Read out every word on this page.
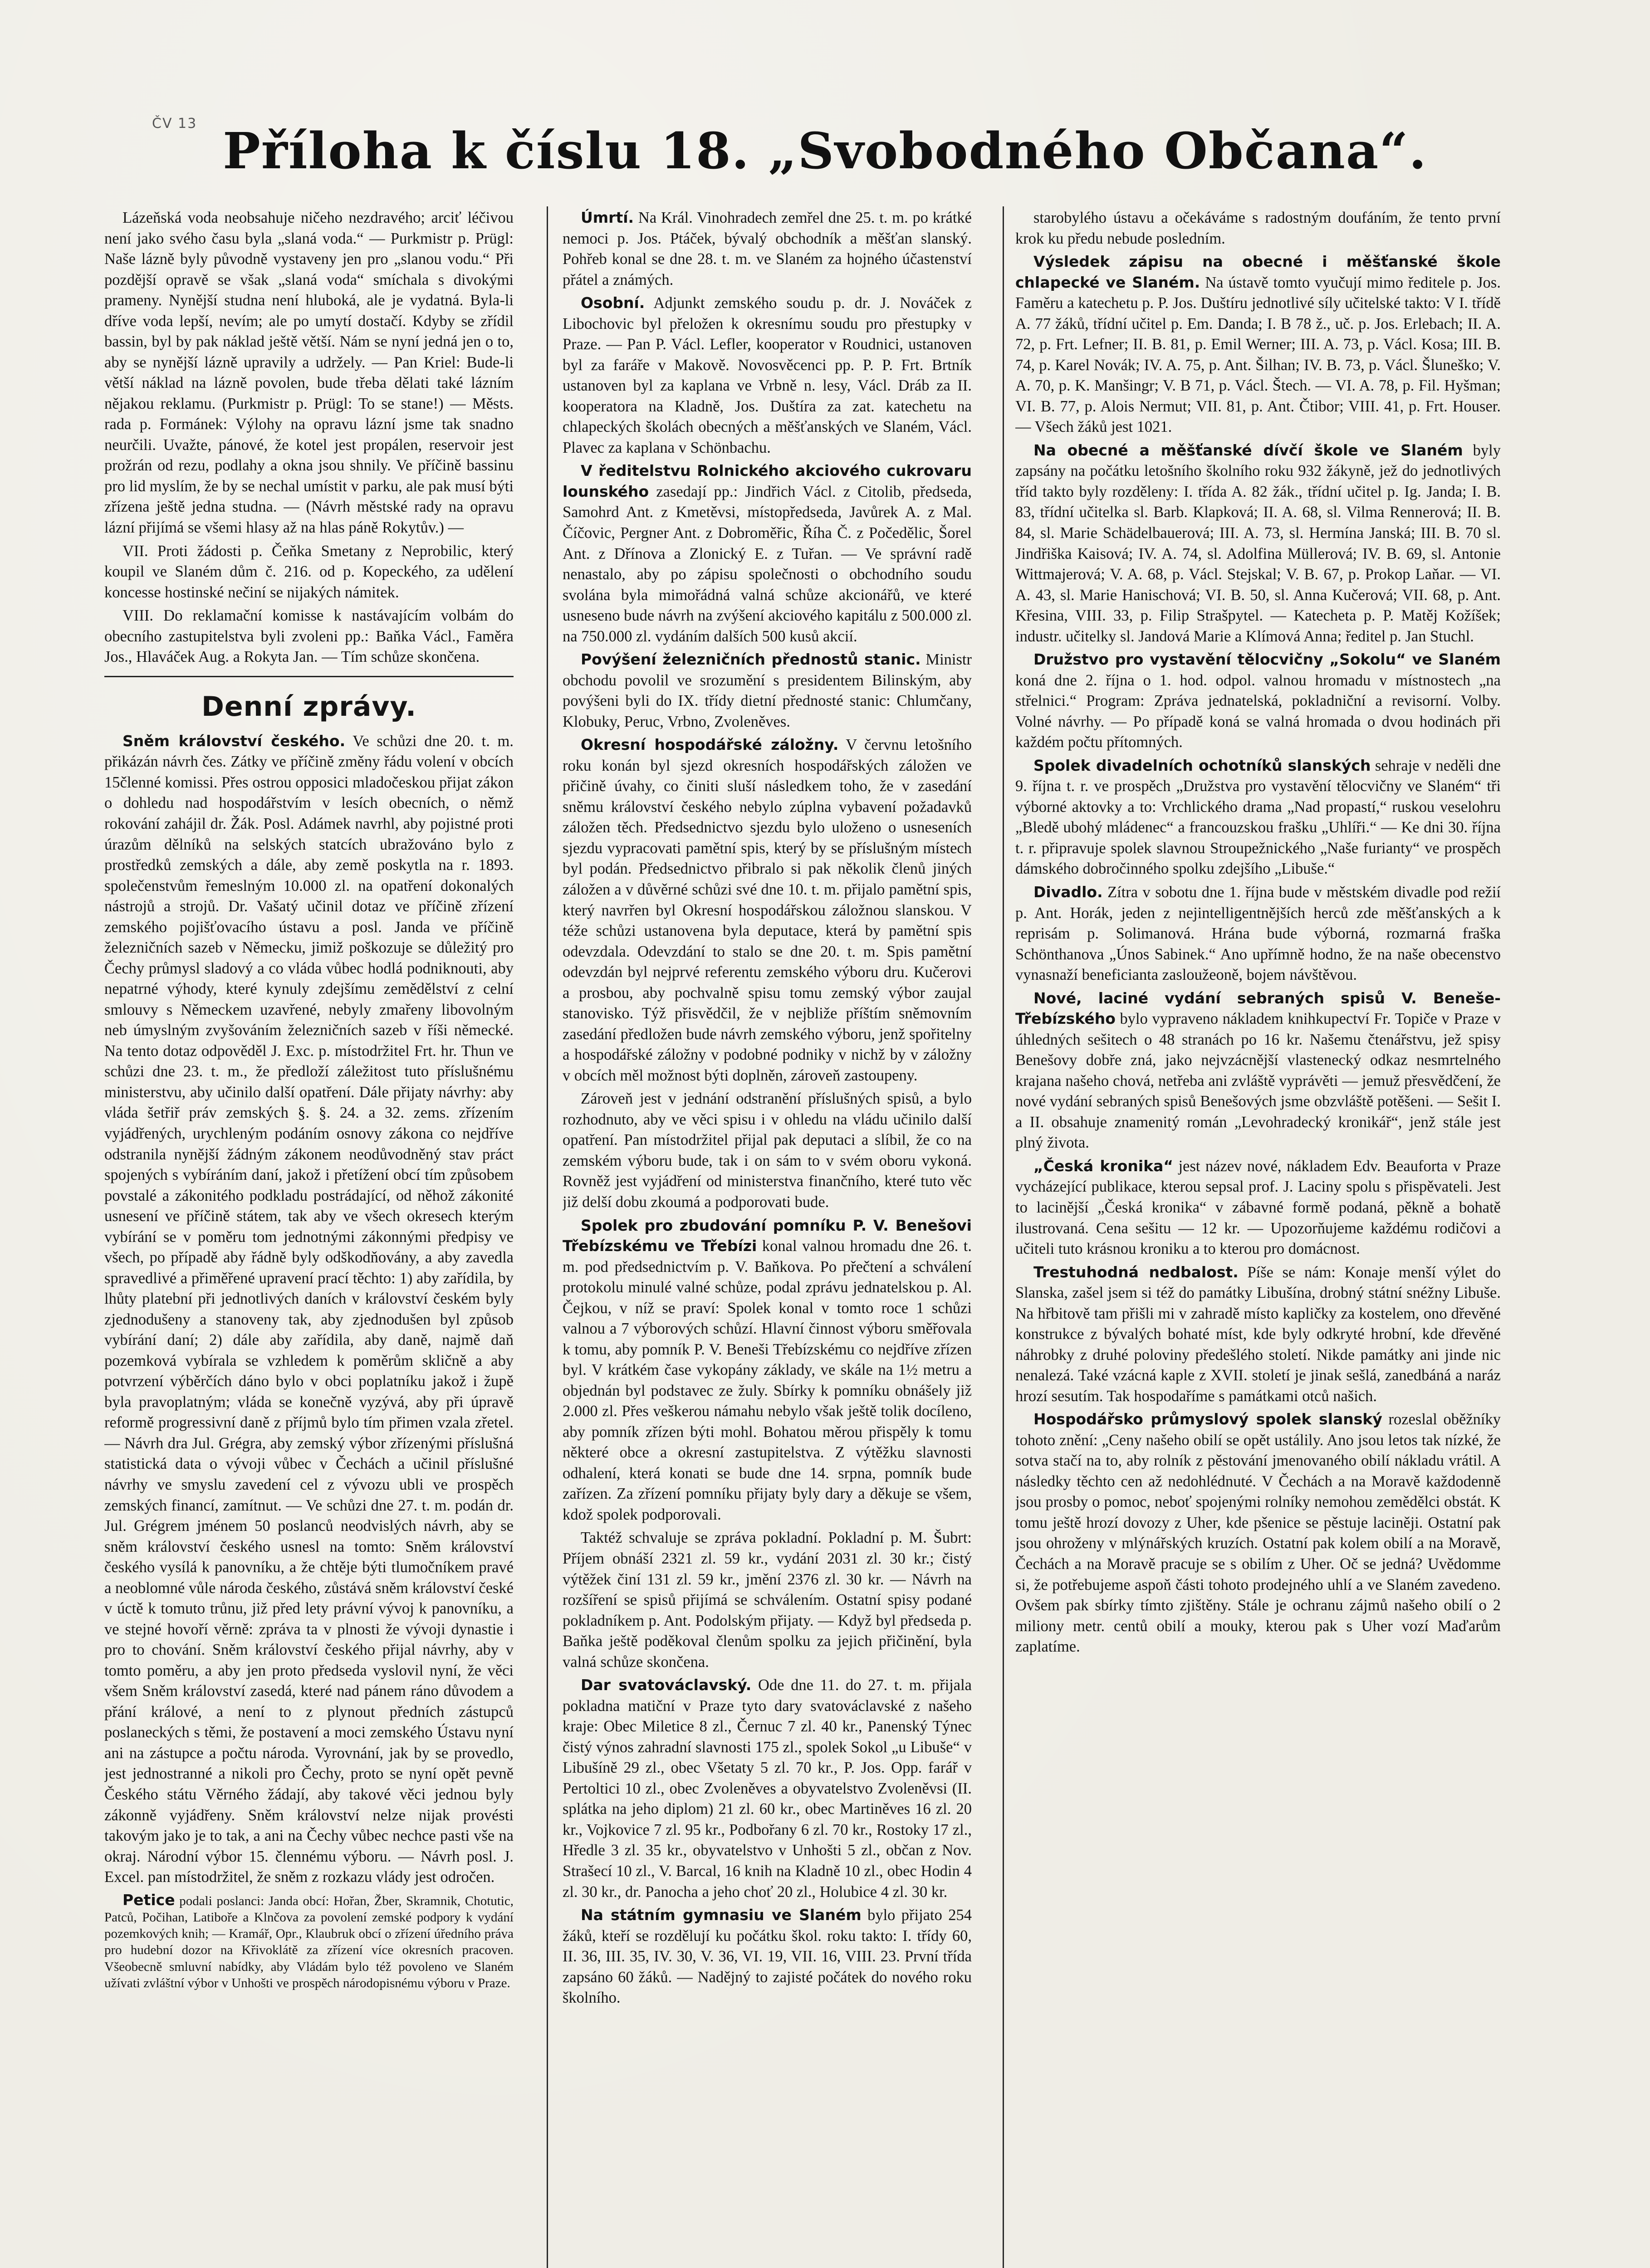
ČV 13 Příloha k číslu 18. „Svobodného Občana“.

Lázeňská voda neobsahuje ničeho nezdravého; arciť léčivou není jako svého času byla „slaná voda.“ — Purkmistr p. Prügl: Naše lázně byly původně vystaveny jen pro „slanou vodu.“ Při pozdější opravě se však „slaná voda“ smíchala s divokými prameny. Nynější studna není hluboká, ale je vydatná. Byla-li dříve voda lepší, nevím; ale po umytí dostačí. Kdyby se zřídil bassin, byl by pak náklad ještě větší. Nám se nyní jedná jen o to, aby se nynější lázně upravily a udržely. — Pan Kriel: Bude-li větší náklad na lázně povolen, bude třeba dělati také lázním nějakou reklamu. (Purkmistr p. Prügl: To se stane!) — Městs. rada p. Formánek: Výlohy na opravu lázní jsme tak snadno neurčili. Uvažte, pánové, že kotel jest propálen, reservoir jest prožrán od rezu, podlahy a okna jsou shnily. Ve příčině bassinu pro lid myslím, že by se nechal umístit v parku, ale pak musí býti zřízena ještě jedna studna. — (Návrh městské rady na opravu lázní přijímá se všemi hlasy až na hlas páně Rokytův.) —

VII. Proti žádosti p. Čeňka Smetany z Neprobilic, který koupil ve Slaném dům č. 216. od p. Kopeckého, za udělení koncesse hostinské nečiní se nijakých námitek.

VIII. Do reklamační komisse k nastávajícím volbám do obecního zastupitelstva byli zvoleni pp.: Baňka Václ., Faměra Jos., Hlaváček Aug. a Rokyta Jan. — Tím schůze skončena.

Denní zprávy.

Sněm království českého. Ve schůzi dne 20. t. m. přikázán návrh čes. Zátky ve příčině změny řádu volení v obcích 15členné komissi. Přes ostrou opposici mladočeskou přijat zákon o dohledu nad hospodářstvím v lesích obecních, o němž rokování zahájil dr. Žák. Posl. Adámek navrhl, aby pojistné proti úrazům dělníků na selských statcích ubražováno bylo z prostředků zemských a dále, aby země poskytla na r. 1893. společenstvům řemeslným 10.000 zl. na opatření dokonalých nástrojů a strojů. Dr. Vašatý učinil dotaz ve příčině zřízení zemského pojišťovacího ústavu a posl. Janda ve příčině železničních sazeb v Německu, jimiž poškozuje se důležitý pro Čechy průmysl sladový a co vláda vůbec hodlá podniknouti, aby nepatrné výhody, které kynuly zdejšímu zemědělství z celní smlouvy s Německem uzavřené, nebyly zmařeny libovolným neb úmyslným zvyšováním železničních sazeb v říši německé. Na tento dotaz odpověděl J. Exc. p. místodržitel Frt. hr. Thun ve schůzi dne 23. t. m., že předloží záležitost tuto příslušnému ministerstvu, aby učinilo další opatření. Dále přijaty návrhy: aby vláda šetřiř práv zemských §. §. 24. a 32. zems. zřízením vyjádřených, urychleným podáním osnovy zákona co nejdříve odstranila nynější žádným zákonem neodůvodněný stav práct spojených s vybíráním daní, jakož i přetížení obcí tím způsobem povstalé a zákonitého podkladu postrádající, od něhož zákonité usnesení ve příčině státem, tak aby ve všech okresech kterým vybírání se v poměru tom jednotnými zákonnými předpisy ve všech, po případě aby řádně byly odškodňovány, a aby zavedla spravedlivé a přiměřené upravení prací těchto: 1) aby zařídila, by lhůty platební při jednotlivých daních v království českém byly zjednodušeny a stanoveny tak, aby zjednodušen byl způsob vybírání daní; 2) dále aby zařídila, aby daně, najmě daň pozemková vybírala se vzhledem k poměrům skličně a aby potvrzení výběrčích dáno bylo v obci poplatníku jakož i župě byla pravoplatným; vláda se konečně vyzývá, aby při úpravě reformě progressivní daně z příjmů bylo tím přimen vzala zřetel. — Návrh dra Jul. Grégra, aby zemský výbor zřízenými příslušná statistická data o vývoji vůbec v Čechách a učinil příslušné návrhy ve smyslu zavedení cel z vývozu ubli ve prospěch zemských financí, zamítnut. — Ve schůzi dne 27. t. m. podán dr. Jul. Grégrem jménem 50 poslanců neodvislých návrh, aby se sněm království českého usnesl na tomto: Sněm království českého vysílá k panovníku, a že chtěje býti tlumočníkem pravé a neoblomné vůle národa českého, zůstává sněm království české v úctě k tomuto trůnu, již před lety právní vývoj k panovníku, a ve stejné hovoří věrně: zpráva ta v plnosti že vývoji dynastie i pro to chování. Sněm království českého přijal návrhy, aby v tomto poměru, a aby jen proto předseda vyslovil nyní, že věci všem Sněm království zasedá, které nad pánem ráno důvodem a přání králové, a není to z plynout předních zástupců poslaneckých s těmi, že postavení a moci zemského Ústavu nyní ani na zástupce a počtu národa. Vyrovnání, jak by se provedlo, jest jednostranné a nikoli pro Čechy, proto se nyní opět pevně Českého státu Věrného žádají, aby takové věci jednou byly zákonně vyjádřeny. Sněm království nelze nijak provésti takovým jako je to tak, a ani na Čechy vůbec nechce pasti vše na okraj. Národní výbor 15. člennému výboru. — Návrh posl. J. Excel. pan místodržitel, že sněm z rozkazu vlády jest odročen.

Petice podali poslanci: Janda obcí: Hořan, Žber, Skramnik, Chotutic, Patců, Počihan, Latiboře a Klnčova za povolení zemské podpory k vydání pozemkových knih; — Kramář, Opr., Klaubruk obcí o zřízení úředního práva pro hudební dozor na Křivoklátě za zřízení více okresních pracoven. Všeobecně smluvní nabídky, aby Vládám bylo též povoleno ve Slaném užívati zvláštní výbor v Unhošti ve prospěch národopisnému výboru v Praze.

Úmrtí. Na Král. Vinohradech zemřel dne 25. t. m. po krátké nemoci p. Jos. Ptáček, bývalý obchodník a měšťan slanský. Pohřeb konal se dne 28. t. m. ve Slaném za hojného účastenství přátel a známých.

Osobní. Adjunkt zemského soudu p. dr. J. Nováček z Libochovic byl přeložen k okresnímu soudu pro přestupky v Praze. — Pan P. Václ. Lefler, kooperator v Roudnici, ustanoven byl za faráře v Makově. Novosvěcenci pp. P. P. Frt. Brtník ustanoven byl za kaplana ve Vrbně n. lesy, Václ. Dráb za II. kooperatora na Kladně, Jos. Duštíra za zat. katechetu na chlapeckých školách obecných a měšťanských ve Slaném, Václ. Plavec za kaplana v Schönbachu.

V ředitelstvu Rolnického akciového cukrovaru lounského zasedají pp.: Jindřich Václ. z Citolib, předseda, Samohrd Ant. z Kmetěvsi, místopředseda, Javůrek A. z Mal. Číčovic, Pergner Ant. z Dobroměřic, Říha Č. z Počedělic, Šorel Ant. z Dřínova a Zlonický E. z Tuřan. — Ve správní radě nenastalo, aby po zápisu společnosti o obchodního soudu svolána byla mimořádná valná schůze akcionářů, ve které usneseno bude návrh na zvýšení akciového kapitálu z 500.000 zl. na 750.000 zl. vydáním dalších 500 kusů akcií.

Povýšení železničních přednostů stanic. Ministr obchodu povolil ve srozumění s presidentem Bilinským, aby povýšeni byli do IX. třídy dietní přednosté stanic: Chlumčany, Klobuky, Peruc, Vrbno, Zvoleněves.

Okresní hospodářské záložny. V červnu letošního roku konán byl sjezd okresních hospodářských záložen ve přičině úvahy, co činiti sluší následkem toho, že v zasedání sněmu království českého nebylo zúplna vybavení požadavků záložen těch. Předsednictvo sjezdu bylo uloženo o usneseních sjezdu vypracovati pamětní spis, který by se příslušným místech byl podán. Předsednictvo přibralo si pak několik členů jiných záložen a v důvěrné schůzi své dne 10. t. m. přijalo pamětní spis, který navrřen byl Okresní hospodářskou záložnou slanskou. V téže schůzi ustanovena byla deputace, která by pamětní spis odevzdala. Odevzdání to stalo se dne 20. t. m. Spis pamětní odevzdán byl nejprvé referentu zemského výboru dru. Kučerovi a prosbou, aby pochvalně spisu tomu zemský výbor zaujal stanovisko. Týž přisvědčil, že v nejbliže příštím sněmovním zasedání předložen bude návrh zemského výboru, jenž spořitelny a hospodářské záložny v podobné podniky v nichž by v záložny v obcích měl možnost býti doplněn, zároveň zastoupeny.

Zároveň jest v jednání odstranění příslušných spisů, a bylo rozhodnuto, aby ve věci spisu i v ohledu na vládu učinilo další opatření. Pan místodržitel přijal pak deputaci a slíbil, že co na zemském výboru bude, tak i on sám to v svém oboru vykoná. Rovněž jest vyjádření od ministerstva finančního, které tuto věc již delší dobu zkoumá a podporovati bude.

Spolek pro zbudování pomníku P. V. Benešovi Třebízskému ve Třebízi konal valnou hromadu dne 26. t. m. pod předsednictvím p. V. Baňkova. Po přečtení a schválení protokolu minulé valné schůze, podal zprávu jednatelskou p. Al. Čejkou, v níž se praví: Spolek konal v tomto roce 1 schůzi valnou a 7 výborových schůzí. Hlavní činnost výboru směřovala k tomu, aby pomník P. V. Beneši Třebízskému co nejdříve zřízen byl. V krátkém čase vykopány základy, ve skále na 1½ metru a objednán byl podstavec ze žuly. Sbírky k pomníku obnášely již 2.000 zl. Přes veškerou námahu nebylo však ještě tolik docíleno, aby pomník zřízen býti mohl. Bohatou měrou přispěly k tomu některé obce a okresní zastupitelstva. Z výtěžku slavnosti odhalení, která konati se bude dne 14. srpna, pomník bude zařízen. Za zřízení pomníku přijaty byly dary a děkuje se všem, kdož spolek podporovali.

Taktéž schvaluje se zpráva pokladní. Pokladní p. M. Šubrt: Příjem obnáší 2321 zl. 59 kr., vydání 2031 zl. 30 kr.; čistý výtěžek činí 131 zl. 59 kr., jmění 2376 zl. 30 kr. — Návrh na rozšíření se spisů přijímá se schválením. Ostatní spisy podané pokladníkem p. Ant. Podolským přijaty. — Když byl předseda p. Baňka ještě poděkoval členům spolku za jejich přičinění, byla valná schůze skončena.

Dar svatováclavský. Ode dne 11. do 27. t. m. přijala pokladna matiční v Praze tyto dary svatováclavské z našeho kraje: Obec Miletice 8 zl., Černuc 7 zl. 40 kr., Panenský Týnec čistý výnos zahradní slavnosti 175 zl., spolek Sokol „u Libuše“ v Libušíně 29 zl., obec Všetaty 5 zl. 70 kr., P. Jos. Opp. farář v Pertoltici 10 zl., obec Zvoleněves a obyvatelstvo Zvoleněvsi (II. splátka na jeho diplom) 21 zl. 60 kr., obec Martiněves 16 zl. 20 kr., Vojkovice 7 zl. 95 kr., Podbořany 6 zl. 70 kr., Rostoky 17 zl., Hředle 3 zl. 35 kr., obyvatelstvo v Unhošti 5 zl., občan z Nov. Strašecí 10 zl., V. Barcal, 16 knih na Kladně 10 zl., obec Hodin 4 zl. 30 kr., dr. Panocha a jeho choť 20 zl., Holubice 4 zl. 30 kr.

Na státním gymnasiu ve Slaném bylo přijato 254 žáků, kteří se rozdělují ku počátku škol. roku takto: I. třídy 60, II. 36, III. 35, IV. 30, V. 36, VI. 19, VII. 16, VIII. 23. První třída zapsáno 60 žáků. — Nadějný to zajisté počátek do nového roku školního.

starobylého ústavu a očekáváme s radostným doufáním, že tento první krok ku předu nebude posledním.

Výsledek zápisu na obecné i měšťanské škole chlapecké ve Slaném. Na ústavě tomto vyučují mimo ředitele p. Jos. Faměru a katechetu p. P. Jos. Duštíru jednotlivé síly učitelské takto: V I. třídě A. 77 žáků, třídní učitel p. Em. Danda; I. B 78 ž., uč. p. Jos. Erlebach; II. A. 72, p. Frt. Lefner; II. B. 81, p. Emil Werner; III. A. 73, p. Václ. Kosa; III. B. 74, p. Karel Novák; IV. A. 75, p. Ant. Šilhan; IV. B. 73, p. Václ. Šluneško; V. A. 70, p. K. Manšingr; V. B 71, p. Václ. Štech. — VI. A. 78, p. Fil. Hyšman; VI. B. 77, p. Alois Nermut; VII. 81, p. Ant. Čtibor; VIII. 41, p. Frt. Houser. — Všech žáků jest 1021.

Na obecné a měšťanské dívčí škole ve Slaném byly zapsány na počátku letošního školního roku 932 žákyně, jež do jednotlivých tříd takto byly rozděleny: I. třída A. 82 žák., třídní učitel p. Ig. Janda; I. B. 83, třídní učitelka sl. Barb. Klapková; II. A. 68, sl. Vilma Rennerová; II. B. 84, sl. Marie Schädelbauerová; III. A. 73, sl. Hermína Janská; III. B. 70 sl. Jindřiška Kaisová; IV. A. 74, sl. Adolfina Müllerová; IV. B. 69, sl. Antonie Wittmajerová; V. A. 68, p. Václ. Stejskal; V. B. 67, p. Prokop Laňar. — VI. A. 43, sl. Marie Hanischová; VI. B. 50, sl. Anna Kučerová; VII. 68, p. Ant. Křesina, VIII. 33, p. Filip Strašpytel. — Katecheta p. P. Matěj Kožíšek; industr. učitelky sl. Jandová Marie a Klímová Anna; ředitel p. Jan Stuchl.

Družstvo pro vystavění tělocvičny „Sokolu“ ve Slaném koná dne 2. října o 1. hod. odpol. valnou hromadu v místnostech „na střelnici.“ Program: Zpráva jednatelská, pokladniční a revisorní. Volby. Volné návrhy. — Po případě koná se valná hromada o dvou hodinách při každém počtu přítomných.

Spolek divadelních ochotníků slanských sehraje v neděli dne 9. října t. r. ve prospěch „Družstva pro vystavění tělocvičny ve Slaném“ tři výborné aktovky a to: Vrchlického drama „Nad propastí,“ ruskou veselohru „Bledě ubohý mládenec“ a francouzskou frašku „Uhlíři.“ — Ke dni 30. října t. r. připravuje spolek slavnou Stroupežnického „Naše furianty“ ve prospěch dámského dobročinného spolku zdejšího „Libuše.“

Divadlo. Zítra v sobotu dne 1. října bude v městském divadle pod režií p. Ant. Horák, jeden z nejintelligentnějších herců zde měšťanských a k reprisám p. Solimanová. Hrána bude výborná, rozmarná fraška Schönthanova „Únos Sabinek.“ Ano upřímně hodno, že na naše obecenstvo vynasnaží beneficianta zasloužeoně, bojem návštěvou.

Nové, laciné vydání sebraných spisů V. Beneše-Třebízského bylo vypraveno nákladem knihkupectví Fr. Topiče v Praze v úhledných sešitech o 48 stranách po 16 kr. Našemu čtenářstvu, jež spisy Benešovy dobře zná, jako nejvzácnější vlastenecký odkaz nesmrtelného krajana našeho chová, netřeba ani zvláště vyprávěti — jemuž přesvědčení, že nové vydání sebraných spisů Benešových jsme obzvláště potěšeni. — Sešit I. a II. obsahuje znamenitý román „Levohradecký kronikář“, jenž stále jest plný života.

„Česká kronika“ jest název nové, nákladem Edv. Beauforta v Praze vycházející publikace, kterou sepsal prof. J. Laciny spolu s přispěvateli. Jest to lacinější „Česká kronika“ v zábavné formě podaná, pěkně a bohatě ilustrovaná. Cena sešitu — 12 kr. — Upozorňujeme každému rodičovi a učiteli tuto krásnou kroniku a to kterou pro domácnost.

Trestuhodná nedbalost. Píše se nám: Konaje menší výlet do Slanska, zašel jsem si též do památky Libušína, drobný státní snéžny Libuše. Na hřbitově tam přišli mi v zahradě místo kapličky za kostelem, ono dřevěné konstrukce z bývalých bohaté míst, kde byly odkryté hrobní, kde dřevěné náhrobky z druhé poloviny předešlého století. Nikde památky ani jinde nic nenalezá. Také vzácná kaple z XVII. století je jinak sešlá, zanedbáná a naráz hrozí sesutím. Tak hospodaříme s památkami otců našich.

Hospodářsko průmyslový spolek slanský rozeslal oběžníky tohoto znění: „Ceny našeho obilí se opět ustálily. Ano jsou letos tak nízké, že sotva stačí na to, aby rolník z pěstování jmenovaného obilí nákladu vrátil. A následky těchto cen až nedohlédnuté. V Čechách a na Moravě každodenně jsou prosby o pomoc, neboť spojenými rolníky nemohou zemědělci obstát. K tomu ještě hrozí dovozy z Uher, kde pšenice se pěstuje laciněji. Ostatní pak jsou ohroženy v mlýnářských kruzích. Ostatní pak kolem obilí a na Moravě, Čechách a na Moravě pracuje se s obilím z Uher. Oč se jedná? Uvědomme si, že potřebujeme aspoň části tohoto prodejného uhlí a ve Slaném zavedeno. Ovšem pak sbírky tímto zjištěny. Stále je ochranu zájmů našeho obilí o 2 miliony metr. centů obilí a mouky, kterou pak s Uher vozí Maďarům zaplatíme.
